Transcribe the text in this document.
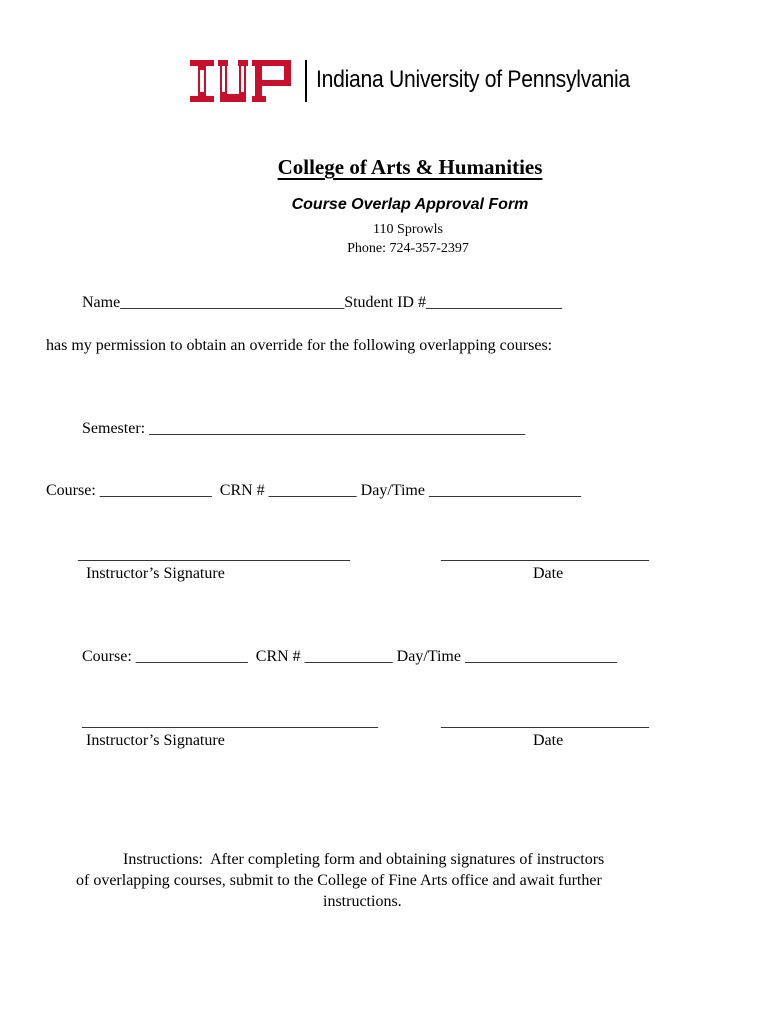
Indiana University of Pennsylvania
College of Arts & Humanities
Course Overlap Approval Form
110 Sprowls
Phone: 724-357-2397
Name____________________________Student ID #_________________
has my permission to obtain an override for the following overlapping courses:
Semester: _______________________________________________
Course: ______________  CRN # ___________ Day/Time ___________________
__________________________________
Instructor’s Signature
__________________________
Date
Course: ______________  CRN # ___________ Day/Time ___________________
_____________________________________
Instructor’s Signature
__________________________
Date
Instructions:  After completing form and obtaining signatures of instructors
of overlapping courses, submit to the College of Fine Arts office and await further
instructions.
